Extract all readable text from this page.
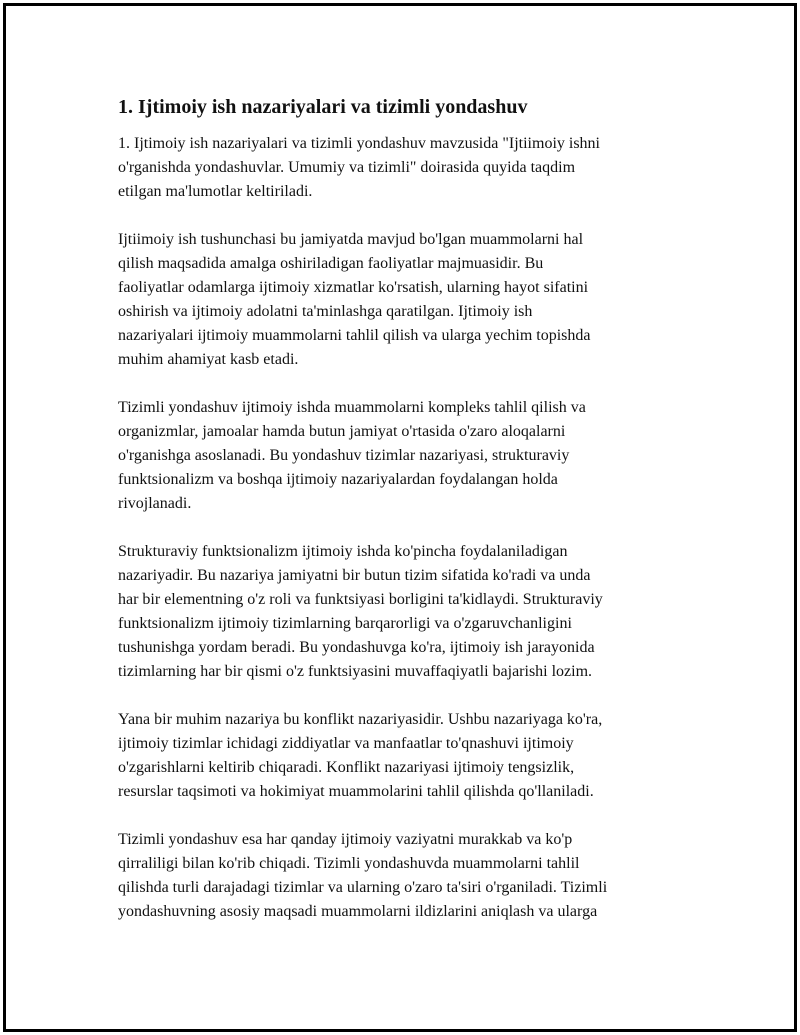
1. Ijtimoiy ish nazariyalari va tizimli yondashuv

1. Ijtimoiy ish nazariyalari va tizimli yondashuv mavzusida "Ijtiimoiy ishni
o'rganishda yondashuvlar. Umumiy va tizimli" doirasida quyida taqdim
etilgan ma'lumotlar keltiriladi.

Ijtiimoiy ish tushunchasi bu jamiyatda mavjud bo'lgan muammolarni hal
qilish maqsadida amalga oshiriladigan faoliyatlar majmuasidir. Bu
faoliyatlar odamlarga ijtimoiy xizmatlar ko'rsatish, ularning hayot sifatini
oshirish va ijtimoiy adolatni ta'minlashga qaratilgan. Ijtimoiy ish
nazariyalari ijtimoiy muammolarni tahlil qilish va ularga yechim topishda
muhim ahamiyat kasb etadi.

Tizimli yondashuv ijtimoiy ishda muammolarni kompleks tahlil qilish va
organizmlar, jamoalar hamda butun jamiyat o'rtasida o'zaro aloqalarni
o'rganishga asoslanadi. Bu yondashuv tizimlar nazariyasi, strukturaviy
funktsionalizm va boshqa ijtimoiy nazariyalardan foydalangan holda
rivojlanadi.

Strukturaviy funktsionalizm ijtimoiy ishda ko'pincha foydalaniladigan
nazariyadir. Bu nazariya jamiyatni bir butun tizim sifatida ko'radi va unda
har bir elementning o'z roli va funktsiyasi borligini ta'kidlaydi. Strukturaviy
funktsionalizm ijtimoiy tizimlarning barqarorligi va o'zgaruvchanligini
tushunishga yordam beradi. Bu yondashuvga ko'ra, ijtimoiy ish jarayonida
tizimlarning har bir qismi o'z funktsiyasini muvaffaqiyatli bajarishi lozim.

Yana bir muhim nazariya bu konflikt nazariyasidir. Ushbu nazariyaga ko'ra,
ijtimoiy tizimlar ichidagi ziddiyatlar va manfaatlar to'qnashuvi ijtimoiy
o'zgarishlarni keltirib chiqaradi. Konflikt nazariyasi ijtimoiy tengsizlik,
resurslar taqsimoti va hokimiyat muammolarini tahlil qilishda qo'llaniladi.

Tizimli yondashuv esa har qanday ijtimoiy vaziyatni murakkab va ko'p
qirraliligi bilan ko'rib chiqadi. Tizimli yondashuvda muammolarni tahlil
qilishda turli darajadagi tizimlar va ularning o'zaro ta'siri o'rganiladi. Tizimli
yondashuvning asosiy maqsadi muammolarni ildizlarini aniqlash va ularga
